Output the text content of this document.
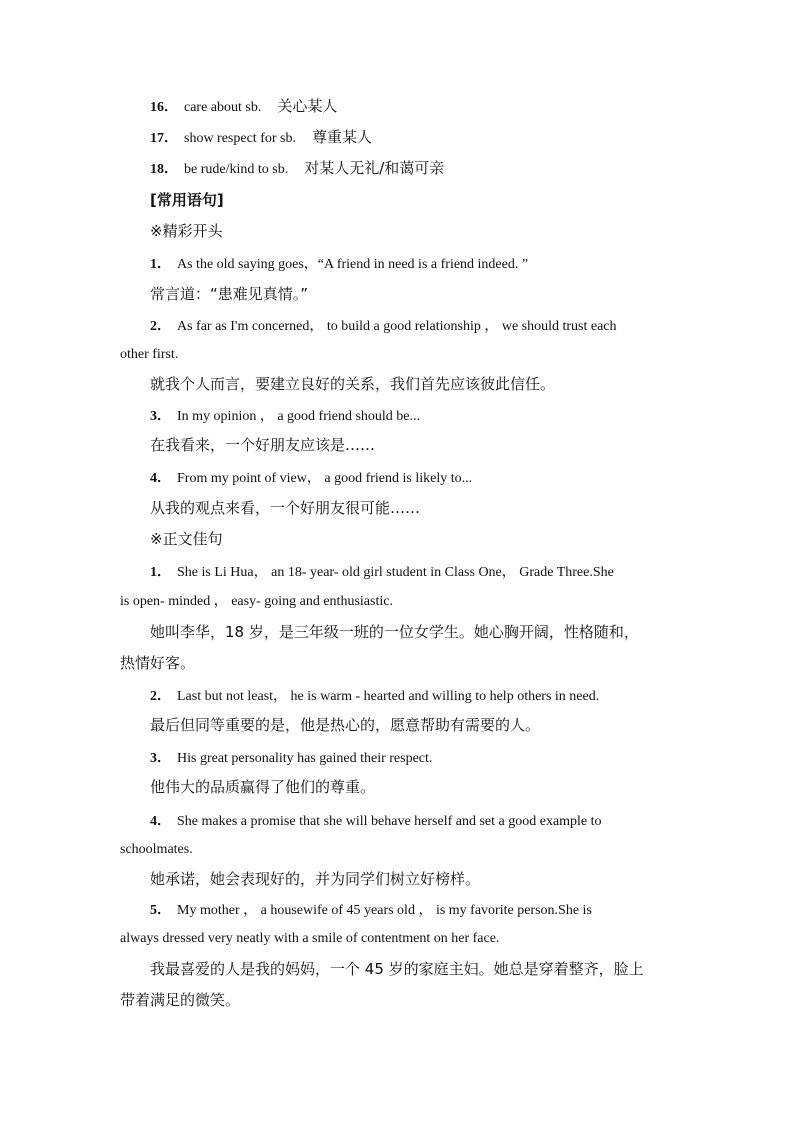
16． care about sb. 关心某人
17． show respect for sb. 尊重某人
18． be rude/kind to sb. 对某人无礼/和蔼可亲
[常用语句]
※精彩开头
1． As the old saying goes，“A friend in need is a friend indeed. ”
常言道：“患难见真情。”
2． As far as I'm concerned， to build a good relationship ， we should trust each
other first.
就我个人而言，要建立良好的关系，我们首先应该彼此信任。
3． In my opinion ， a good friend should be...
在我看来，一个好朋友应该是……
4． From my point of view， a good friend is likely to...
从我的观点来看，一个好朋友很可能……
※正文佳句
1． She is Li Hua， an 18- year- old girl student in Class One， Grade Three.She
is open- minded ， easy- going and enthusiastic.
她叫李华，18 岁，是三年级一班的一位女学生。她心胸开阔，性格随和，
热情好客。
2． Last but not least， he is warm - hearted and willing to help others in need.
最后但同等重要的是，他是热心的，愿意帮助有需要的人。
3． His great personality has gained their respect.
他伟大的品质赢得了他们的尊重。
4． She makes a promise that she will behave herself and set a good example to
schoolmates.
她承诺，她会表现好的，并为同学们树立好榜样。
5． My mother ， a housewife of 45 years old ， is my favorite person.She is
always dressed very neatly with a smile of contentment on her face.
我最喜爱的人是我的妈妈，一个 45 岁的家庭主妇。她总是穿着整齐，脸上
带着满足的微笑。
